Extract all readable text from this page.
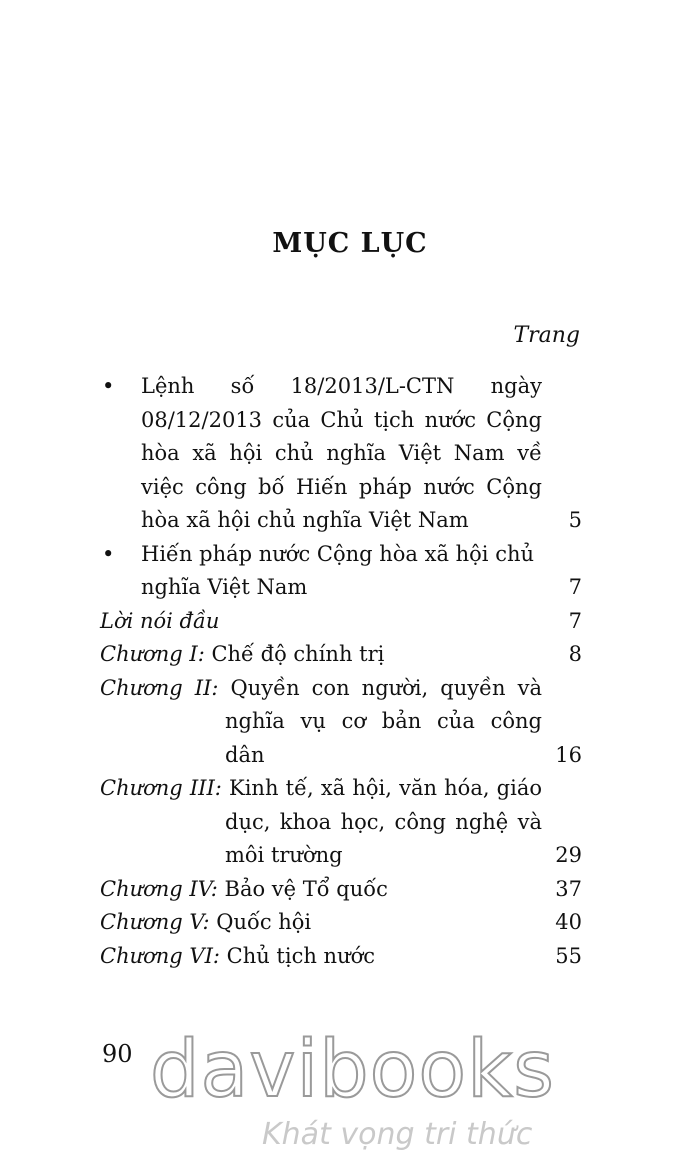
MỤC LỤC
Trang
•	Lệnh số 18/2013/L-CTN ngày 08/12/2013 của Chủ tịch nước Cộng hòa xã hội chủ nghĩa Việt Nam về việc công bố Hiến pháp nước Cộng hòa xã hội chủ nghĩa Việt Nam	5
•	Hiến pháp nước Cộng hòa xã hội chủ nghĩa Việt Nam	7
Lời nói đầu	7
Chương I: Chế độ chính trị	8
Chương II: Quyền con người, quyền và nghĩa vụ cơ bản của công dân	16
Chương III: Kinh tế, xã hội, văn hóa, giáo dục, khoa học, công nghệ và môi trường	29
Chương IV: Bảo vệ Tổ quốc	37
Chương V: Quốc hội	40
Chương VI: Chủ tịch nước	55
90 davibooks
Khát vọng tri thức
